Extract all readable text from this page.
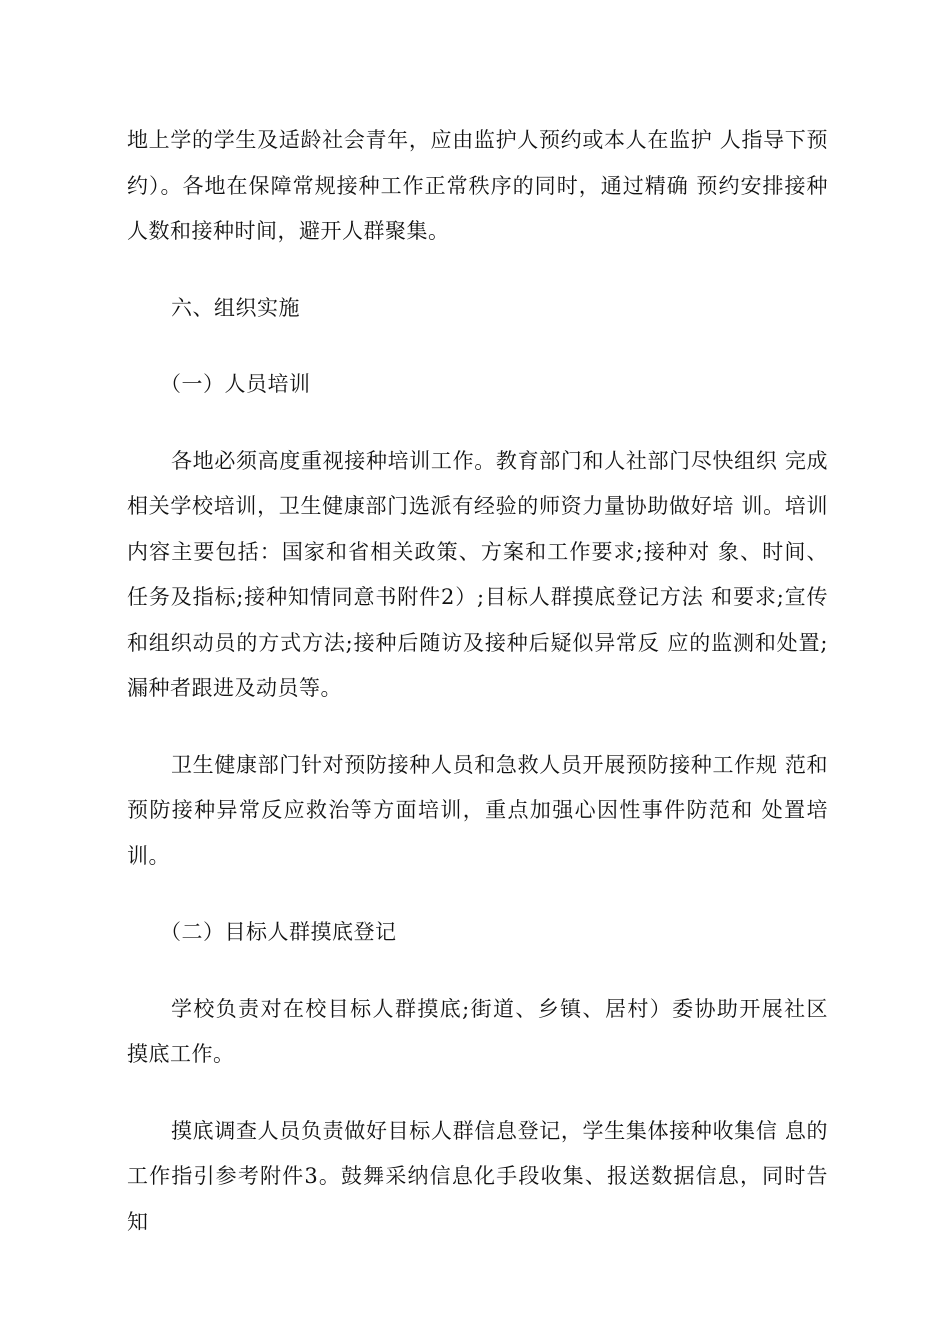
地上学的学生及适龄社会青年，应由监护人预约或本人在监护 人指导下预约）。各地在保障常规接种工作正常秩序的同时，通过精确 预约安排接种人数和接种时间，避开人群聚集。

六、组织实施

（一）人员培训

各地必须高度重视接种培训工作。教育部门和人社部门尽快组织 完成相关学校培训，卫生健康部门选派有经验的师资力量协助做好培 训。培训内容主要包括：国家和省相关政策、方案和工作要求;接种对 象、时间、任务及指标;接种知情同意书附件2）;目标人群摸底登记方法 和要求;宣传和组织动员的方式方法;接种后随访及接种后疑似异常反 应的监测和处置;漏种者跟进及动员等。

卫生健康部门针对预防接种人员和急救人员开展预防接种工作规 范和预防接种异常反应救治等方面培训，重点加强心因性事件防范和 处置培训。

（二）目标人群摸底登记

学校负责对在校目标人群摸底;街道、乡镇、居村）委协助开展社区 摸底工作。

摸底调查人员负责做好目标人群信息登记，学生集体接种收集信 息的工作指引参考附件3。鼓舞采纳信息化手段收集、报送数据信息，同时告知
